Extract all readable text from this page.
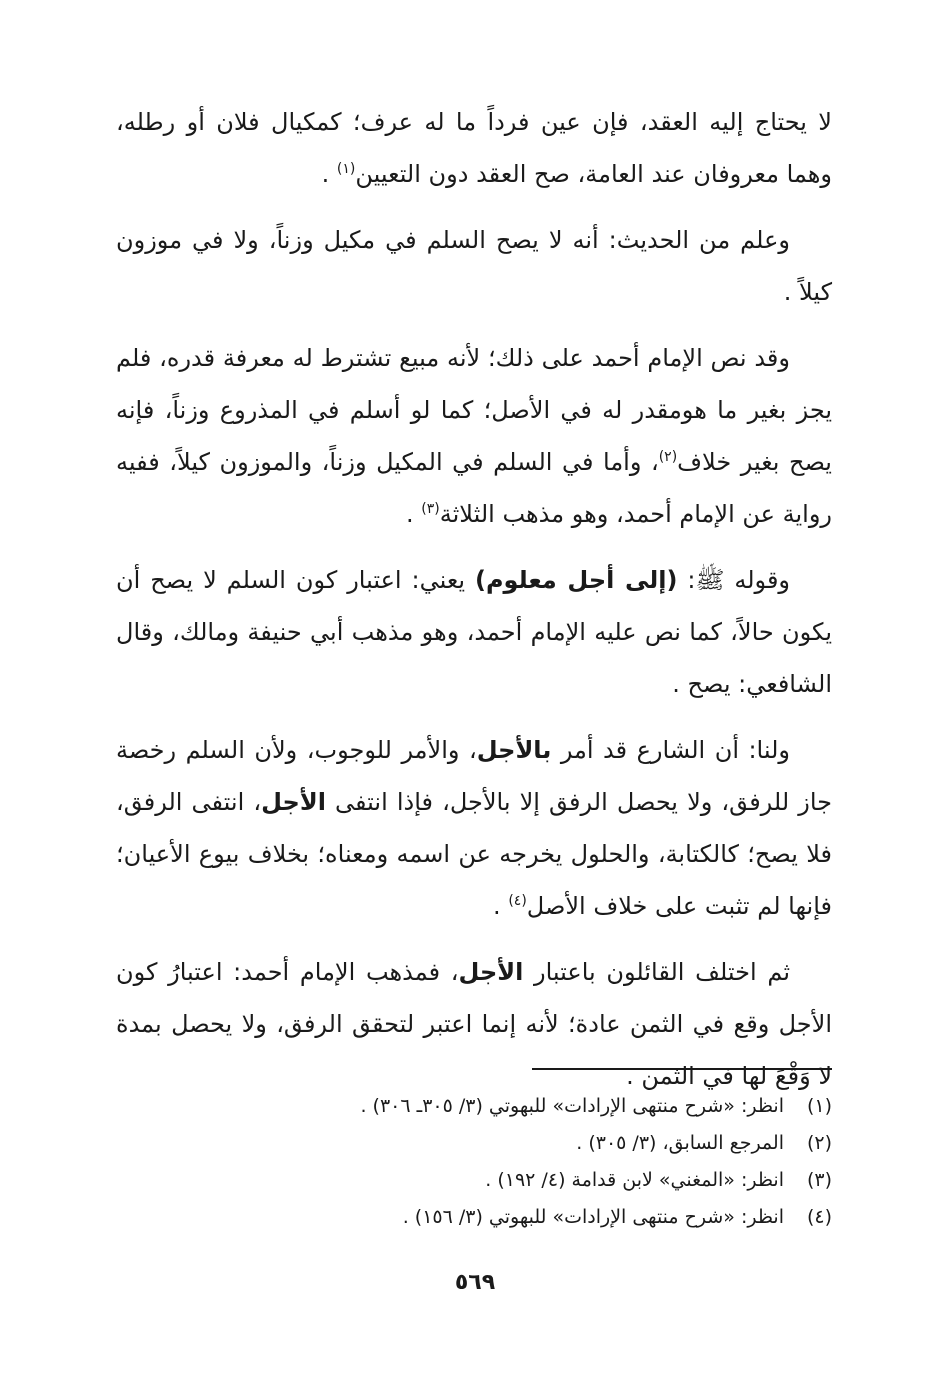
لا يحتاج إليه العقد، فإن عين فرداً ما له عرف؛ كمكيال فلان أو رطله، وهما معروفان عند العامة، صح العقد دون التعيين$^{(١)}$ .

وعلم من الحديث: أنه لا يصح السلم في مكيل وزناً، ولا في موزون كيلاً .

وقد نص الإمام أحمد على ذلك؛ لأنه مبيع تشترط له معرفة قدره، فلم يجز بغير ما هومقدر له في الأصل؛ كما لو أسلم في المذروع وزناً، فإنه يصح بغير خلاف$^{(٢)}$، وأما في السلم في المكيل وزناً، والموزون كيلاً، ففيه رواية عن الإمام أحمد، وهو مذهب الثلاثة$^{(٣)}$ .

وقوله ﷺ: (إلى أجل معلوم) يعني: اعتبار كون السلم لا يصح أن يكون حالاً، كما نص عليه الإمام أحمد، وهو مذهب أبي حنيفة ومالك، وقال الشافعي: يصح .

ولنا: أن الشارع قد أمر بالأجل، والأمر للوجوب، ولأن السلم رخصة جاز للرفق، ولا يحصل الرفق إلا بالأجل، فإذا انتفى الأجل، انتفى الرفق، فلا يصح؛ كالكتابة، والحلول يخرجه عن اسمه ومعناه؛ بخلاف بيوع الأعيان؛ فإنها لم تثبت على خلاف الأصل$^{(٤)}$ .

ثم اختلف القائلون باعتبار الأجل، فمذهب الإمام أحمد: اعتبارُ كون الأجل وقع في الثمن عادة؛ لأنه إنما اعتبر لتحقق الرفق، ولا يحصل بمدة لا وَقْعَ لها في الثمن .

(١)انظر: «شرح منتهى الإرادات» للبهوتي (٣/ ٣٠٥ـ ٣٠٦) .

(٢)المرجع السابق، (٣/ ٣٠٥) .

(٣)انظر: «المغني» لابن قدامة (٤/ ١٩٢) .

(٤)انظر: «شرح منتهى الإرادات» للبهوتي (٣/ ١٥٦) .

٥٦٩
